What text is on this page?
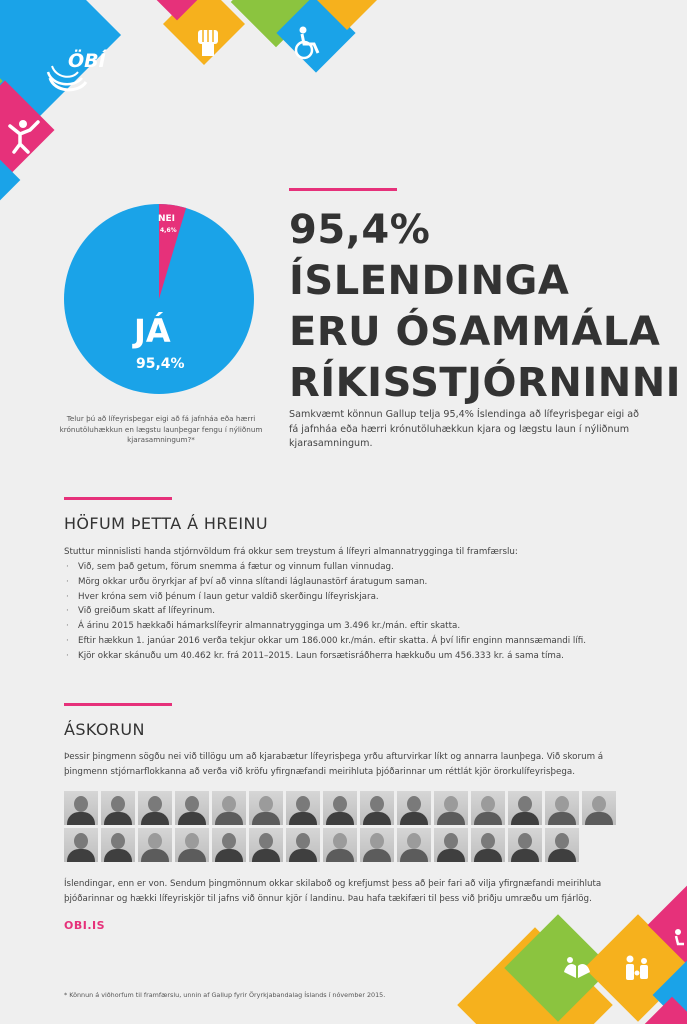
ÖBÍ
NEI
4,6%
JÁ
95,4%
Telur þú að lífeyrisþegar eigi að fá jafnháa eða hærri krónutöluhækkun en lægstu launþegar fengu í nýliðnum kjarasamningum?*
95,4%
ÍSLENDINGA
ERU ÓSAMMÁLA
RÍKISSTJÓRNINNI
Samkvæmt könnun Gallup telja 95,4% Íslendinga að lífeyrisþegar eigi að fá jafnháa eða hærri krónutöluhækkun kjara og lægstu laun í nýliðnum kjarasamningum.
HÖFUM ÞETTA Á HREINU
Stuttur minnislisti handa stjórnvöldum frá okkur sem treystum á lífeyri almannatrygginga til framfærslu:
· Við, sem það getum, förum snemma á fætur og vinnum fullan vinnudag.
· Mörg okkar urðu öryrkjar af því að vinna slítandi láglaunastörf áratugum saman.
· Hver króna sem við þénum í laun getur valdið skerðingu lífeyriskjara.
· Við greiðum skatt af lífeyrinum.
· Á árinu 2015 hækkaði hámarkslífeyrir almannatrygginga um 3.496 kr./mán. eftir skatta.
· Eftir hækkun 1. janúar 2016 verða tekjur okkar um 186.000 kr./mán. eftir skatta. Á því lifir enginn mannsæmandi lífi.
· Kjör okkar skánuðu um 40.462 kr. frá 2011–2015. Laun forsætisráðherra hækkuðu um 456.333 kr. á sama tíma.
ÁSKORUN
Þessir þingmenn sögðu nei við tillögu um að kjarabætur lífeyrisþega yrðu afturvirkar líkt og annarra launþega. Við skorum á þingmenn stjórnarflokkanna að verða við kröfu yfirgnæfandi meirihluta þjóðarinnar um réttlát kjör örorkulífeyrisþega.
Íslendingar, enn er von. Sendum þingmönnum okkar skilaboð og krefjumst þess að þeir fari að vilja yfirgnæfandi meirihluta þjóðarinnar og hækki lífeyriskjör til jafns við önnur kjör í landinu. Þau hafa tækifæri til þess við þriðju umræðu um fjárlög.
OBI.IS
* Könnun á viðhorfum til framfærslu, unnin af Gallup fyrir Öryrkjabandalag Íslands í nóvember 2015.
